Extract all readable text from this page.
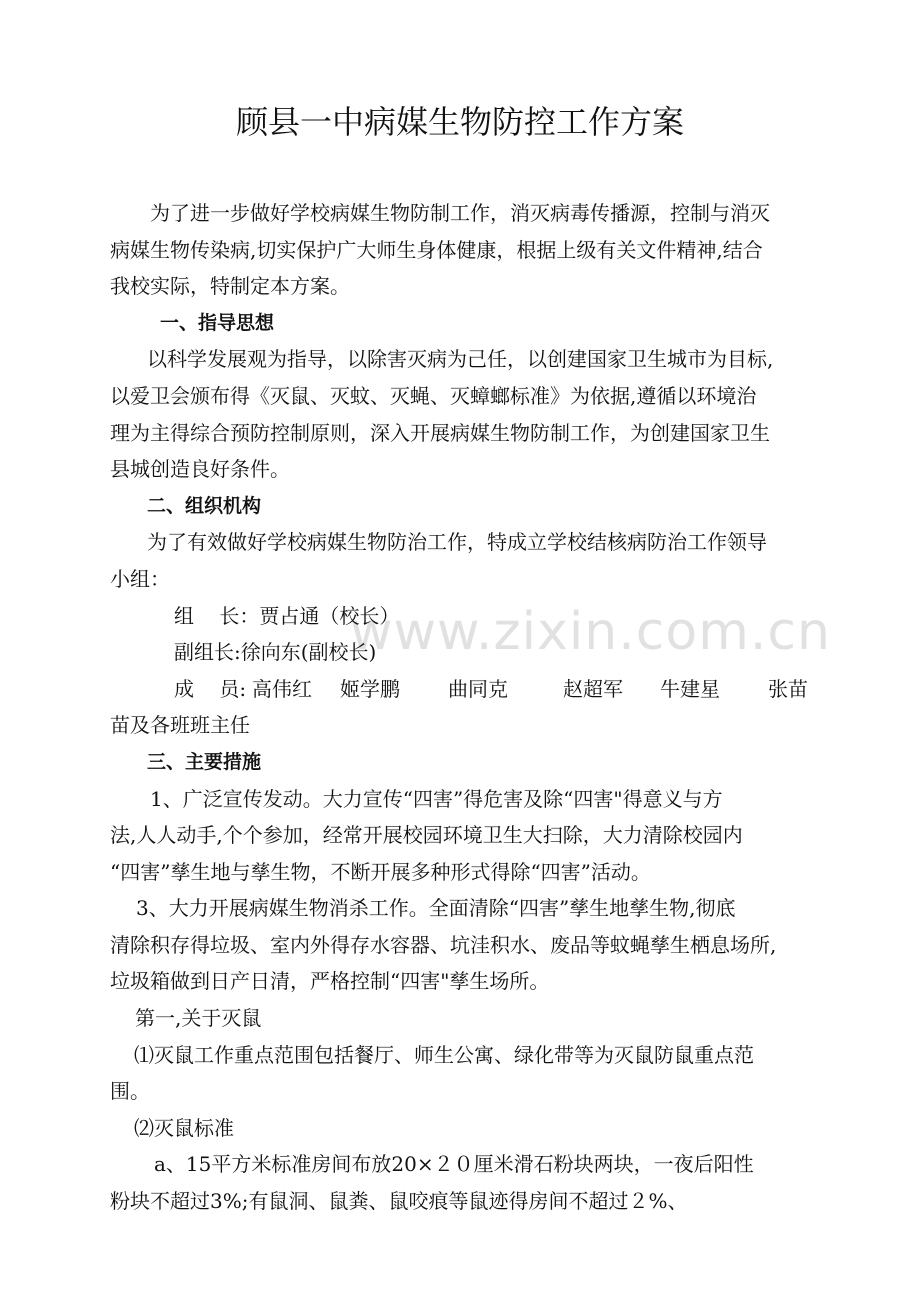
顾县一中病媒生物防控工作方案
www.zixin.com.cn

为了进一步做好学校病媒生物防制工作，消灭病毒传播源，控制与消灭

病媒生物传染病,切实保护广大师生身体健康，根据上级有关文件精神,结合

我校实际，特制定本方案。

一、指导思想

以科学发展观为指导，以除害灭病为己任，以创建国家卫生城市为目标,

以爱卫会颁布得《灭鼠、灭蚊、灭蝇、灭蟑螂标准》为依据,遵循以环境治

理为主得综合预防控制原则，深入开展病媒生物防制工作，为创建国家卫生

县城创造良好条件。

二、组织机构

为了有效做好学校病媒生物防治工作，特成立学校结核病防治工作领导

小组：

组    长：贾占通（校长）

副组长:徐向东(副校长)

成    员: 高伟红	姬学鹏	曲同克	赵超军	牛建星	张苗

苗及各班班主任

三、主要措施

1、广泛宣传发动。大力宣传“四害”得危害及除“四害"得意义与方

法,人人动手,个个参加，经常开展校园环境卫生大扫除，大力清除校园内

“四害”孳生地与孳生物，不断开展多种形式得除“四害”活动。

3、大力开展病媒生物消杀工作。全面清除“四害”孳生地孳生物,彻底

清除积存得垃圾、室内外得存水容器、坑洼积水、废品等蚊蝇孳生栖息场所,

垃圾箱做到日产日清，严格控制“四害"孳生场所。

第一,关于灭鼠

⑴灭鼠工作重点范围包括餐厅、师生公寓、绿化带等为灭鼠防鼠重点范

围。

⑵灭鼠标准

a、15平方米标准房间布放20×２０厘米滑石粉块两块，一夜后阳性

粉块不超过3%;有鼠洞、鼠粪、鼠咬痕等鼠迹得房间不超过２%、
